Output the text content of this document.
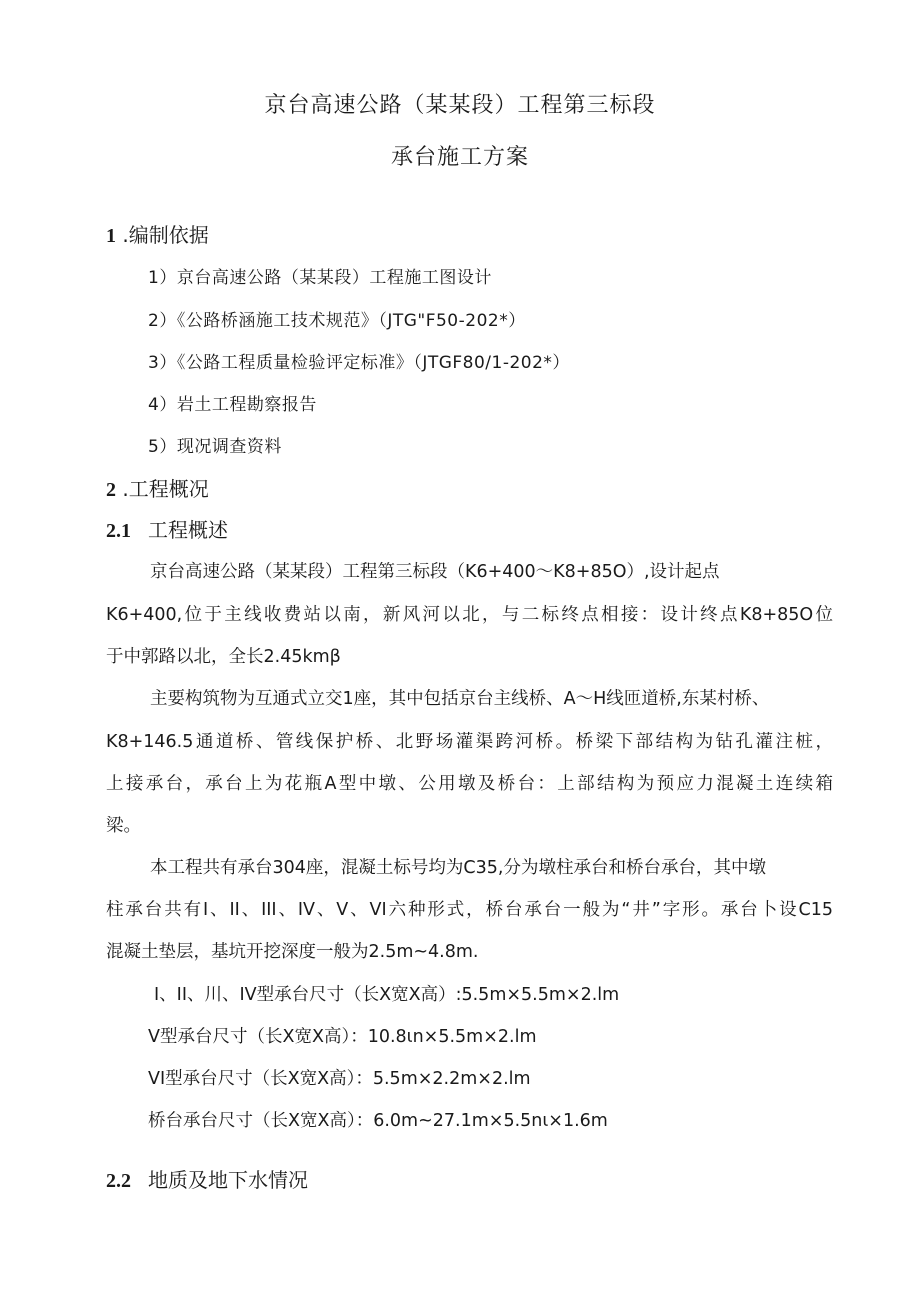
京台高速公路（某某段）工程第三标段
承台施工方案
1 .编制依据
1）京台高速公路（某某段）工程施工图设计
2）《公路桥涵施工技术规范》（JTG"F50-202*）
3）《公路工程质量检验评定标准》（JTGF80/1-202*）
4）岩土工程勘察报告
5）现况调查资料
2 .工程概况
2.1 工程概述
京台高速公路（某某段）工程第三标段（K6+400～K8+85O）,设计起点
K6+400,位于主线收费站以南，新风河以北，与二标终点相接：设计终点K8+85O位
于中郭路以北，全长2.45kmβ
主要构筑物为互通式立交1座，其中包括京台主线桥、A～H线匝道桥,东某村桥、
K8+146.5通道桥、管线保护桥、北野场灌渠跨河桥。桥梁下部结构为钻孔灌注桩，
上接承台，承台上为花瓶A型中墩、公用墩及桥台：上部结构为预应力混凝土连续箱
梁。
本工程共有承台304座，混凝土标号均为C35,分为墩柱承台和桥台承台，其中墩
柱承台共有I、II、III、IV、V、VI六种形式，桥台承台一般为“井”字形。承台卜设C15
混凝土垫层，基坑开挖深度一般为2.5m~4.8m.
I、II、川、IV型承台尺寸（长X宽X高）:5.5m×5.5m×2.lm
V型承台尺寸（长X宽X高）：10.8ιn×5.5m×2.lm
VI型承台尺寸（长X宽X高）：5.5m×2.2m×2.lm
桥台承台尺寸（长X宽X高）：6.0m~27.1m×5.5nι×1.6m
2.2 地质及地下水情况
